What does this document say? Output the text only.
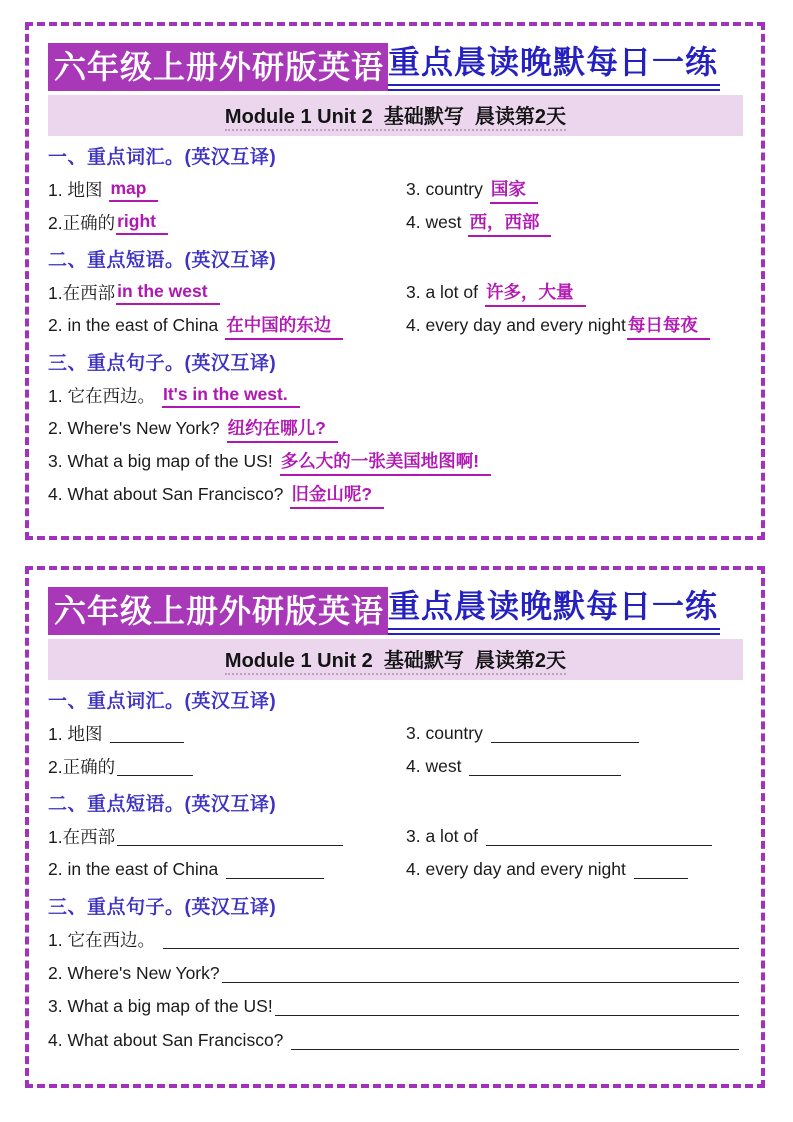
六年级上册外研版英语 重点晨读晚默每日一练
Module 1 Unit 2  基础默写  晨读第2天
一、重点词汇。(英汉互译)
1. 地图 map	3. country 国家
2.正确的 right	4. west 西，西部
二、重点短语。(英汉互译)
1.在西部 in the west	3. a lot of 许多，大量
2. in the east of China 在中国的东边	4. every day and every night 每日每夜
三、重点句子。(英汉互译)
1. 它在西边。 It's in the west.
2. Where's New York? 纽约在哪儿?
3. What a big map of the US! 多么大的一张美国地图啊!
4. What about San Francisco? 旧金山呢?
六年级上册外研版英语 重点晨读晚默每日一练
Module 1 Unit 2  基础默写  晨读第2天
一、重点词汇。(英汉互译)
1. 地图	3. country
2.正确的	4. west
二、重点短语。(英汉互译)
1.在西部	3. a lot of
2. in the east of China	4. every day and every night
三、重点句子。(英汉互译)
1. 它在西边。
2. Where's New York?
3. What a big map of the US!
4. What about San Francisco?
